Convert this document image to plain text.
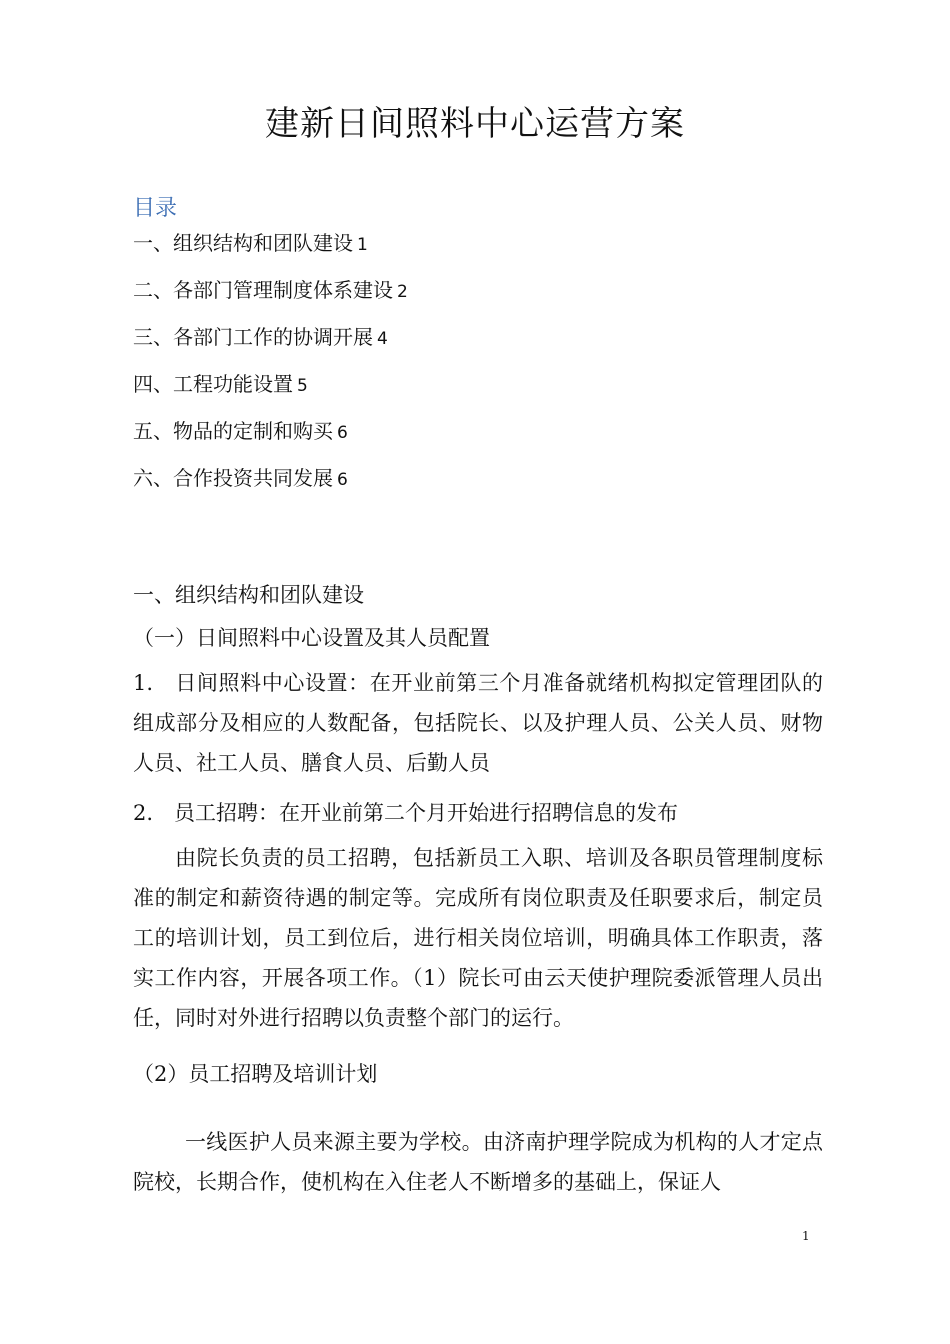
建新日间照料中心运营方案
目录
一、组织结构和团队建设 1
二、各部门管理制度体系建设 2
三、各部门工作的协调开展 4
四、工程功能设置 5
五、物品的定制和购买 6
六、合作投资共同发展 6
一、组织结构和团队建设
（一）日间照料中心设置及其人员配置
1.　日间照料中心设置：在开业前第三个月准备就绪机构拟定管理团队的组成部分及相应的人数配备，包括院长、以及护理人员、公关人员、财物人员、社工人员、膳食人员、后勤人员
2.　员工招聘：在开业前第二个月开始进行招聘信息的发布
由院长负责的员工招聘，包括新员工入职、培训及各职员管理制度标准的制定和薪资待遇的制定等。完成所有岗位职责及任职要求后，制定员工的培训计划，员工到位后，进行相关岗位培训，明确具体工作职责，落实工作内容，开展各项工作。（1）院长可由云天使护理院委派管理人员出任，同时对外进行招聘以负责整个部门的运行。
（2）员工招聘及培训计划
一线医护人员来源主要为学校。由济南护理学院成为机构的人才定点院校，长期合作，使机构在入住老人不断增多的基础上，保证人
1
